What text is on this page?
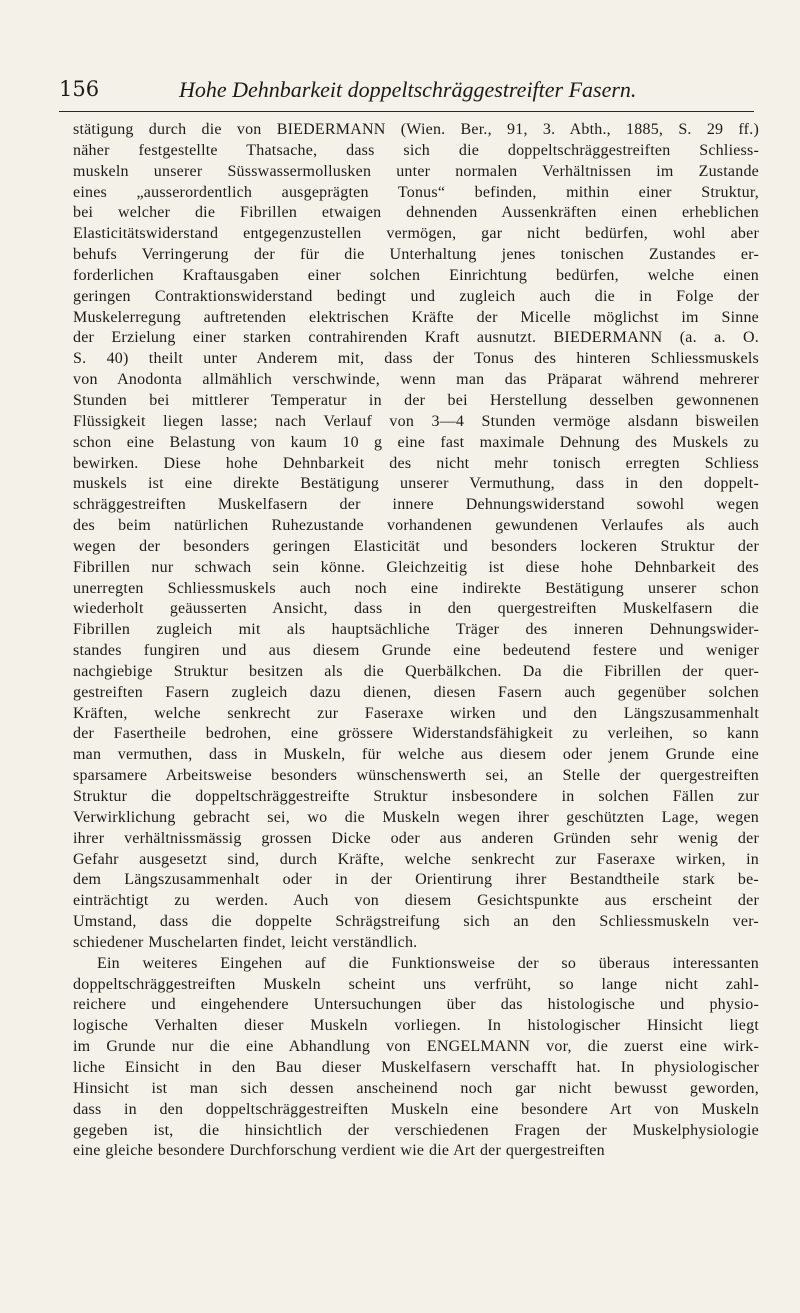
156	Hohe Dehnbarkeit doppeltschräggestreifter Fasern.
stätigung durch die von BIEDERMANN (Wien. Ber., 91, 3. Abth., 1885, S. 29 ff.)
näher festgestellte Thatsache, dass sich die doppeltschräggestreiften Schliess-
muskeln unserer Süsswassermollusken unter normalen Verhältnissen im Zustande
eines „ausserordentlich ausgeprägten Tonus“ befinden, mithin einer Struktur,
bei welcher die Fibrillen etwaigen dehnenden Aussenkräften einen erheblichen
Elasticitätswiderstand entgegenzustellen vermögen, gar nicht bedürfen, wohl aber
behufs Verringerung der für die Unterhaltung jenes tonischen Zustandes er-
forderlichen Kraftausgaben einer solchen Einrichtung bedürfen, welche einen
geringen Contraktionswiderstand bedingt und zugleich auch die in Folge der
Muskelerregung auftretenden elektrischen Kräfte der Micelle möglichst im Sinne
der Erzielung einer starken contrahirenden Kraft ausnutzt. BIEDERMANN (a. a. O.
S. 40) theilt unter Anderem mit, dass der Tonus des hinteren Schliessmuskels
von Anodonta allmählich verschwinde, wenn man das Präparat während mehrerer
Stunden bei mittlerer Temperatur in der bei Herstellung desselben gewonnenen
Flüssigkeit liegen lasse; nach Verlauf von 3—4 Stunden vermöge alsdann bisweilen
schon eine Belastung von kaum 10 g eine fast maximale Dehnung des Muskels zu
bewirken. Diese hohe Dehnbarkeit des nicht mehr tonisch erregten Schliess
muskels ist eine direkte Bestätigung unserer Vermuthung, dass in den doppelt-
schräggestreiften Muskelfasern der innere Dehnungswiderstand sowohl wegen
des beim natürlichen Ruhezustande vorhandenen gewundenen Verlaufes als auch
wegen der besonders geringen Elasticität und besonders lockeren Struktur der
Fibrillen nur schwach sein könne. Gleichzeitig ist diese hohe Dehnbarkeit des
unerregten Schliessmuskels auch noch eine indirekte Bestätigung unserer schon
wiederholt geäusserten Ansicht, dass in den quergestreiften Muskelfasern die
Fibrillen zugleich mit als hauptsächliche Träger des inneren Dehnungswider-
standes fungiren und aus diesem Grunde eine bedeutend festere und weniger
nachgiebige Struktur besitzen als die Querbälkchen. Da die Fibrillen der quer-
gestreiften Fasern zugleich dazu dienen, diesen Fasern auch gegenüber solchen
Kräften, welche senkrecht zur Faseraxe wirken und den Längszusammenhalt
der Fasertheile bedrohen, eine grössere Widerstandsfähigkeit zu verleihen, so kann
man vermuthen, dass in Muskeln, für welche aus diesem oder jenem Grunde eine
sparsamere Arbeitsweise besonders wünschenswerth sei, an Stelle der quergestreiften
Struktur die doppeltschräggestreifte Struktur insbesondere in solchen Fällen zur
Verwirklichung gebracht sei, wo die Muskeln wegen ihrer geschützten Lage, wegen
ihrer verhältnissmässig grossen Dicke oder aus anderen Gründen sehr wenig der
Gefahr ausgesetzt sind, durch Kräfte, welche senkrecht zur Faseraxe wirken, in
dem Längszusammenhalt oder in der Orientirung ihrer Bestandtheile stark be-
einträchtigt zu werden. Auch von diesem Gesichtspunkte aus erscheint der
Umstand, dass die doppelte Schrägstreifung sich an den Schliessmuskeln ver-
schiedener Muschelarten findet, leicht verständlich.
Ein weiteres Eingehen auf die Funktionsweise der so überaus interessanten
doppeltschräggestreiften Muskeln scheint uns verfrüht, so lange nicht zahl-
reichere und eingehendere Untersuchungen über das histologische und physio-
logische Verhalten dieser Muskeln vorliegen. In histologischer Hinsicht liegt
im Grunde nur die eine Abhandlung von ENGELMANN vor, die zuerst eine wirk-
liche Einsicht in den Bau dieser Muskelfasern verschafft hat. In physiologischer
Hinsicht ist man sich dessen anscheinend noch gar nicht bewusst geworden,
dass in den doppeltschräggestreiften Muskeln eine besondere Art von Muskeln
gegeben ist, die hinsichtlich der verschiedenen Fragen der Muskelphysiologie
eine gleiche besondere Durchforschung verdient wie die Art der quergestreiften
